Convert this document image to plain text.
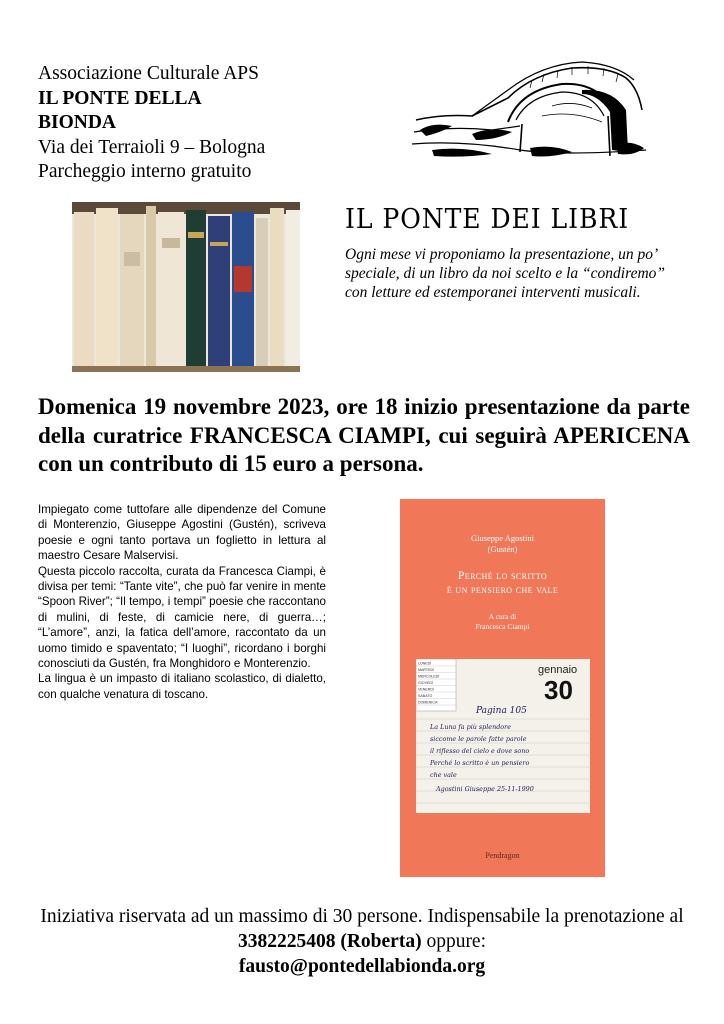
Associazione Culturale APS
IL PONTE DELLA
BIONDA
Via dei Terraioli 9 – Bologna
Parcheggio interno gratuito
IL PONTE DEI LIBRI
Ogni mese vi proponiamo la presentazione, un po’ speciale, di un libro da noi scelto e la “condiremo” con letture ed estemporanei interventi musicali.
Domenica 19 novembre 2023, ore 18 inizio presentazione da parte della curatrice FRANCESCA CIAMPI, cui seguirà APERICENA con un contributo di 15 euro a persona.

Impiegato come tuttofare alle dipendenze del Comune di Monterenzio, Giuseppe Agostini (Gustén), scriveva poesie e ogni tanto portava un foglietto in lettura al maestro Cesare Malservisi.

Questa piccolo raccolta, curata da Francesca Ciampi, è divisa per temi: “Tante vite”, che può far venire in mente “Spoon River”; “Il tempo, i tempi” poesie che raccontano di mulini, di feste, di camicie nere, di guerra…; “L’amore”, anzi, la fatica dell’amore, raccontato da un uomo timido e spaventato; “I luoghi”, ricordano i borghi conosciuti da Gustén, fra Monghidoro e Monterenzio.

La lingua è un impasto di italiano scolastico, di dialetto, con qualche venatura di toscano.

Giuseppe Agostini
(Gustén)
Perché lo scritto
è un pensiero che vale
A cura di
Francesca Ciampi
LUNEDÌ
MARTEDÌ
MERCOLEDÌ
GIOVEDÌ
VENERDÌ
SABATO
DOMENICA
gennaio
30
Pagina 105
La Luna fa più splendore
siccome le parole fatte parole
il riflesso del cielo e dove sono
Perché lo scritto è un pensiero
che vale
Agostini Giuseppe 25-11-1990
Pendragon
Iniziativa riservata ad un massimo di 30 persone. Indispensabile la prenotazione al 3382225408 (Roberta) oppure:
fausto@pontedellabionda.org
